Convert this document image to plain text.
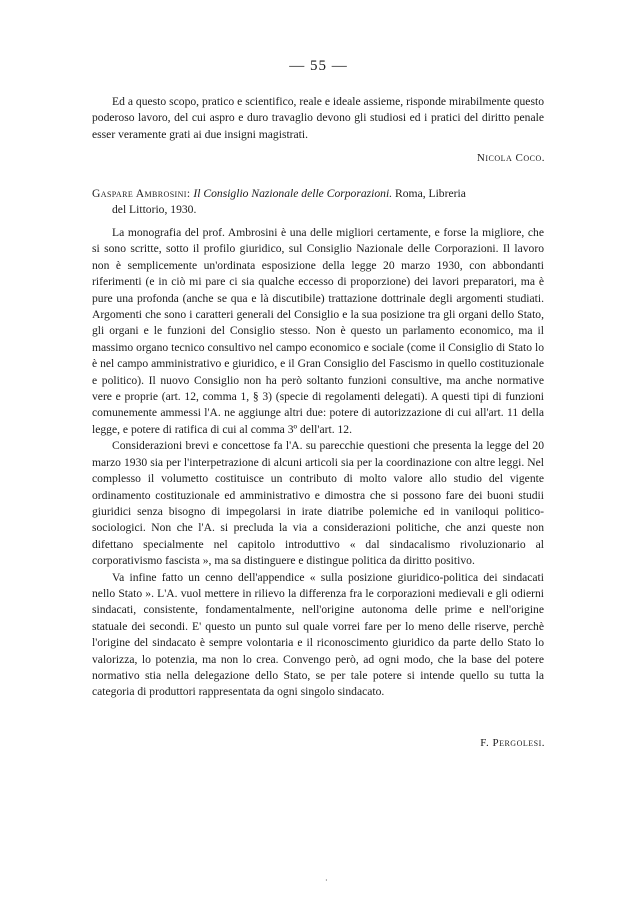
— 55 —

Ed a questo scopo, pratico e scientifico, reale e ideale assieme, risponde mirabilmente questo poderoso lavoro, del cui aspro e duro travaglio devono gli studiosi ed i pratici del diritto penale esser veramente grati ai due insigni magistrati.

Nicola Coco.
Gaspare Ambrosini: Il Consiglio Nazionale delle Corporazioni. Roma, Libreria
del Littorio, 1930.

La monografia del prof. Ambrosini è una delle migliori certamente, e forse la migliore, che si sono scritte, sotto il profilo giuridico, sul Consiglio Nazionale delle Corporazioni. Il lavoro non è semplicemente un'ordinata esposizione della legge 20 marzo 1930, con abbondanti riferimenti (e in ciò mi pare ci sia qualche eccesso di proporzione) dei lavori preparatori, ma è pure una profonda (anche se qua e là discutibile) trattazione dottrinale degli argomenti studiati. Argomenti che sono i caratteri generali del Consiglio e la sua posizione tra gli organi dello Stato, gli organi e le funzioni del Consiglio stesso. Non è questo un parlamento economico, ma il massimo organo tecnico consultivo nel campo economico e sociale (come il Consiglio di Stato lo è nel campo amministrativo e giuridico, e il Gran Consiglio del Fascismo in quello costituzionale e politico). Il nuovo Consiglio non ha però soltanto funzioni consultive, ma anche normative vere e proprie (art. 12, comma 1, § 3) (specie di regolamenti delegati). A questi tipi di funzioni comunemente ammessi l'A. ne aggiunge altri due: potere di autorizzazione di cui all'art. 11 della legge, e potere di ratifica di cui al comma 3º dell'art. 12.

Considerazioni brevi e concettose fa l'A. su parecchie questioni che presenta la legge del 20 marzo 1930 sia per l'interpetrazione di alcuni articoli sia per la coordinazione con altre leggi. Nel complesso il volumetto costituisce un contributo di molto valore allo studio del vigente ordinamento costituzionale ed amministrativo e dimostra che si possono fare dei buoni studii giuridici senza bisogno di impegolarsi in irate diatribe polemiche ed in vaniloqui politico-sociologici. Non che l'A. si precluda la via a considerazioni politiche, che anzi queste non difettano specialmente nel capitolo introduttivo « dal sindacalismo rivoluzionario al corporativismo fascista », ma sa distinguere e distingue politica da diritto positivo.

Va infine fatto un cenno dell'appendice « sulla posizione giuridico-politica dei sindacati nello Stato ». L'A. vuol mettere in rilievo la differenza fra le corporazioni medievali e gli odierni sindacati, consistente, fondamentalmente, nell'origine autonoma delle prime e nell'origine statuale dei secondi. E' questo un punto sul quale vorrei fare per lo meno delle riserve, perchè l'origine del sindacato è sempre volontaria e il riconoscimento giuridico da parte dello Stato lo valorizza, lo potenzia, ma non lo crea. Convengo però, ad ogni modo, che la base del potere normativo stia nella delegazione dello Stato, se per tale potere si intende quello su tutta la categoria di produttori rappresentata da ogni singolo sindacato.

F. Pergolesi.
·
